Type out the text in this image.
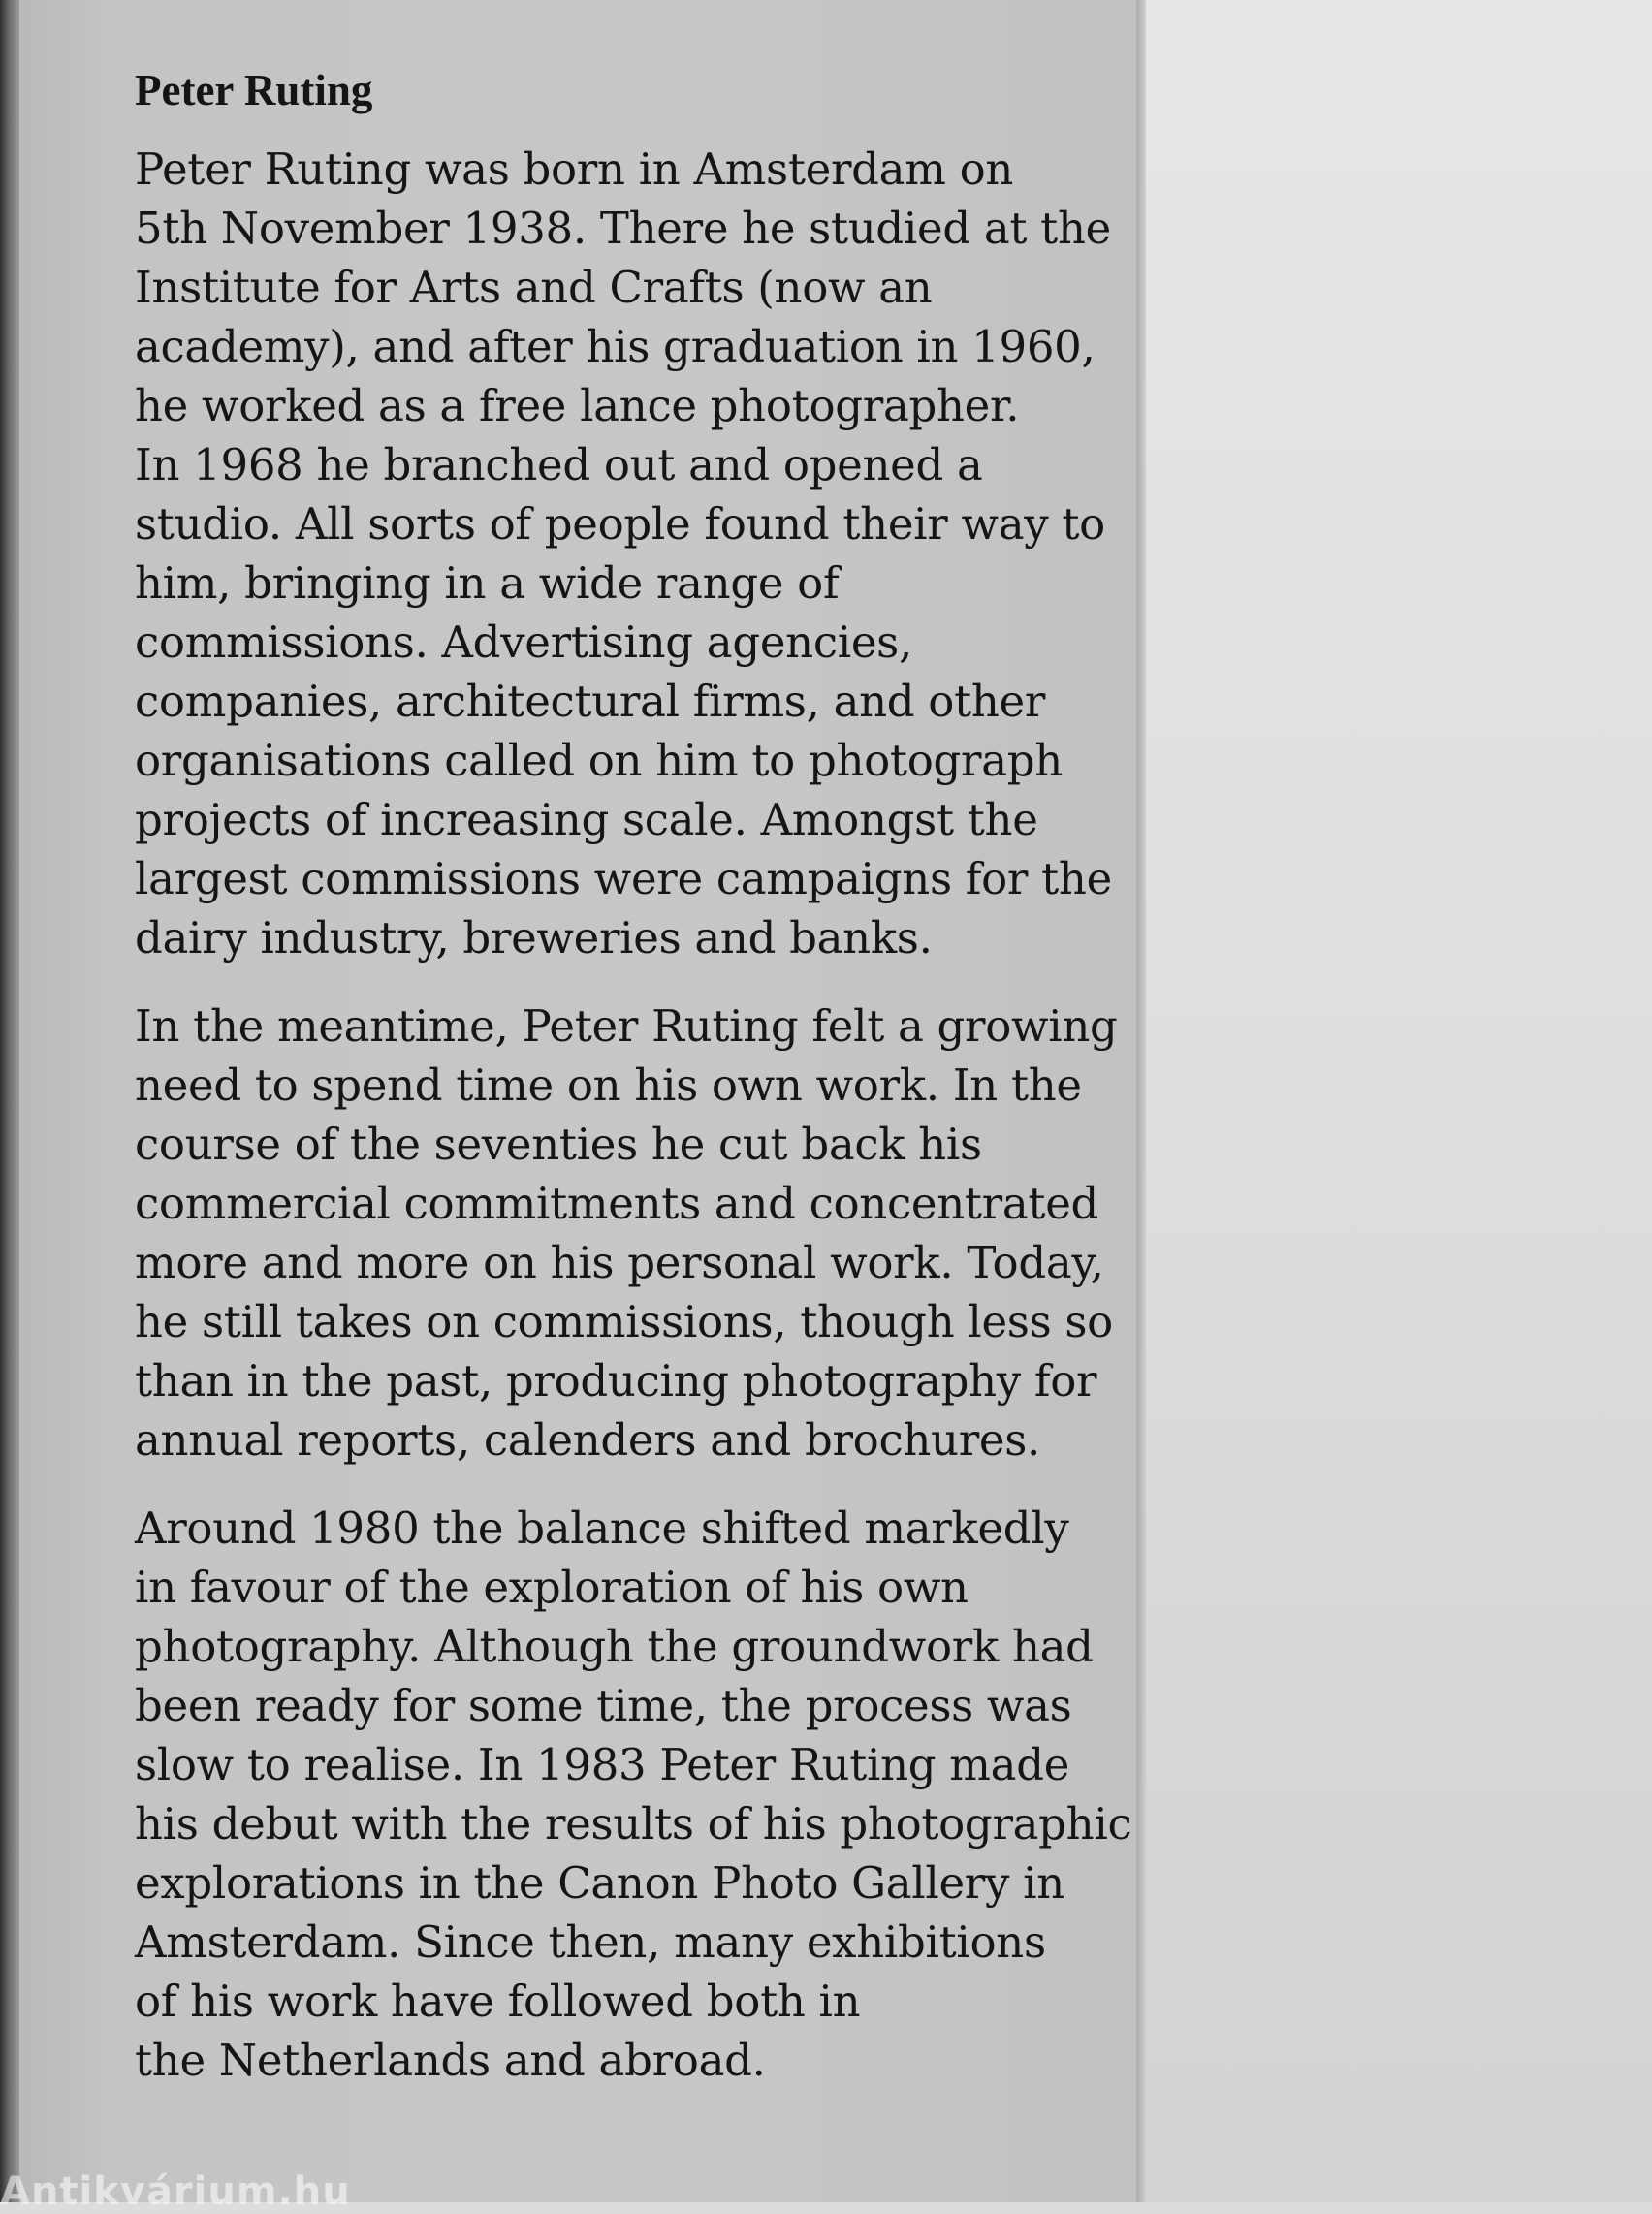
Peter Ruting
Peter Ruting was born in Amsterdam on
5th November 1938. There he studied at the
Institute for Arts and Crafts (now an
academy), and after his graduation in 1960,
he worked as a free lance photographer.
In 1968 he branched out and opened a
studio. All sorts of people found their way to
him, bringing in a wide range of
commissions. Advertising agencies,
companies, architectural firms, and other
organisations called on him to photograph
projects of increasing scale. Amongst the
largest commissions were campaigns for the
dairy industry, breweries and banks.
In the meantime, Peter Ruting felt a growing
need to spend time on his own work. In the
course of the seventies he cut back his
commercial commitments and concentrated
more and more on his personal work. Today,
he still takes on commissions, though less so
than in the past, producing photography for
annual reports, calenders and brochures.
Around 1980 the balance shifted markedly
in favour of the exploration of his own
photography. Although the groundwork had
been ready for some time, the process was
slow to realise. In 1983 Peter Ruting made
his debut with the results of his photographic
explorations in the Canon Photo Gallery in
Amsterdam. Since then, many exhibitions
of his work have followed both in
the Netherlands and abroad.
Antikvárium.hu
